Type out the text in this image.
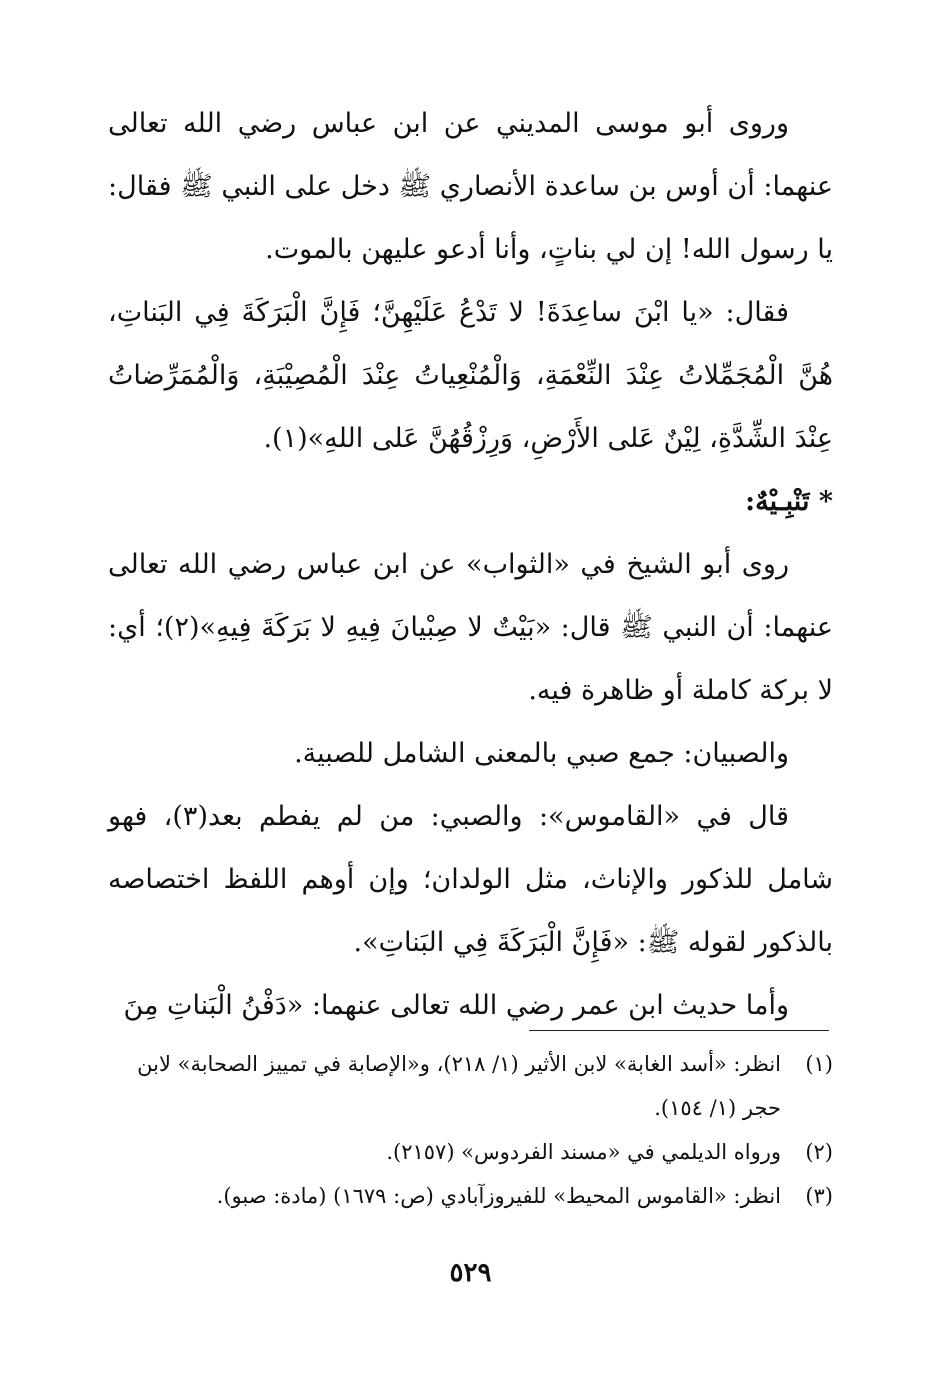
وروى أبو موسى المديني عن ابن عباس رضي الله تعالى عنهما: أن أوس بن ساعدة الأنصاري ﷺ دخل على النبي ﷺ فقال: يا رسول الله! إن لي بناتٍ، وأنا أدعو عليهن بالموت.

فقال: «يا ابْنَ ساعِدَةَ! لا تَدْعُ عَلَيْهِنَّ؛ فَإِنَّ الْبَرَكَةَ فِي البَناتِ، هُنَّ الْمُجَمِّلاتُ عِنْدَ النِّعْمَةِ، وَالْمُنْعِياتُ عِنْدَ الْمُصِيْبَةِ، وَالْمُمَرِّضاتُ عِنْدَ الشِّدَّةِ، لِيْنٌ عَلى الأَرْضِ، وَرِزْقُهُنَّ عَلى اللهِ»(١).

* تَنْبِـيْهٌ:

روى أبو الشيخ في «الثواب» عن ابن عباس رضي الله تعالى عنهما: أن النبي ﷺ قال: «بَيْتٌ لا صِبْيانَ فِيهِ لا بَرَكَةَ فِيهِ»(٢)؛ أي: لا بركة كاملة أو ظاهرة فيه.

والصبيان: جمع صبي بالمعنى الشامل للصبية.

قال في «القاموس»: والصبي: من لم يفطم بعد(٣)، فهو شامل للذكور والإناث، مثل الولدان؛ وإن أوهم اللفظ اختصاصه بالذكور لقوله ﷺ: «فَإِنَّ الْبَرَكَةَ فِي البَناتِ».

وأما حديث ابن عمر رضي الله تعالى عنهما: «دَفْنُ الْبَناتِ مِنَ

(١)
انظر: «أسد الغابة» لابن الأثير (١/ ٢١٨)، و«الإصابة في تمييز الصحابة» لابن حجر (١/ ١٥٤).
(٢)
ورواه الديلمي في «مسند الفردوس» (٢١٥٧).
(٣)
انظر: «القاموس المحيط» للفيروزآبادي (ص: ١٦٧٩) (مادة: صبو).
٥٢٩
